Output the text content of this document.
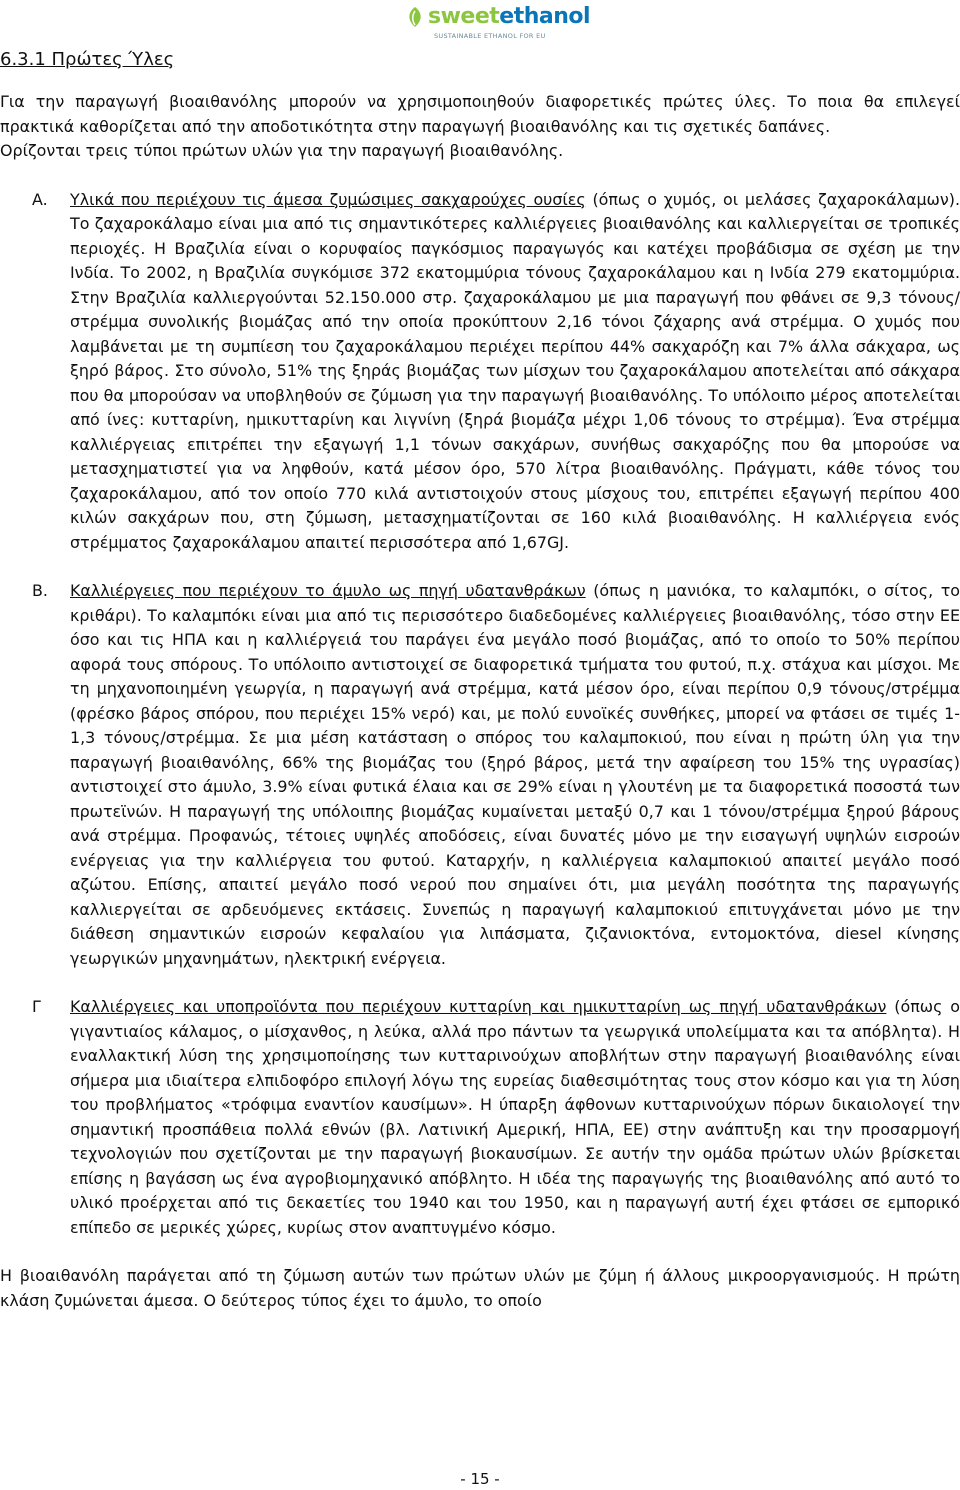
sweetethanol
SUSTAINABLE ETHANOL FOR EU
6.3.1 Πρώτες Ύλες

Για την παραγωγή βιοαιθανόλης μπορούν να χρησιμοποιηθούν διαφορετικές πρώτες ύλες. Το ποια θα επιλεγεί πρακτικά καθορίζεται από την αποδοτικότητα στην παραγωγή βιοαιθανόλης και τις σχετικές δαπάνες.

Ορίζονται τρεις τύποι πρώτων υλών για την παραγωγή βιοαιθανόλης.

A.	Υλικά που περιέχουν τις άμεσα ζυμώσιμες σακχαρούχες ουσίες (όπως ο χυμός, οι μελάσες ζαχαροκάλαμων). Το ζαχαροκάλαμο είναι μια από τις σημαντικότερες καλλιέργειες βιοαιθανόλης και καλλιεργείται σε τροπικές περιοχές. Η Βραζιλία είναι ο κορυφαίος παγκόσμιος παραγωγός και κατέχει προβάδισμα σε σχέση με την Ινδία. Το 2002, η Βραζιλία συγκόμισε 372 εκατομμύρια τόνους ζαχαροκάλαμου και η Ινδία 279 εκατομμύρια. Στην Βραζιλία καλλιεργούνται 52.150.000 στρ. ζαχαροκάλαμου με μια παραγωγή που φθάνει σε 9,3 τόνους/στρέμμα συνολικής βιομάζας από την οποία προκύπτουν 2,16 τόνοι ζάχαρης ανά στρέμμα. Ο χυμός που λαμβάνεται με τη συμπίεση του ζαχαροκάλαμου περιέχει περίπου 44% σακχαρόζη και 7% άλλα σάκχαρα, ως ξηρό βάρος. Στο σύνολο, 51% της ξηράς βιομάζας των μίσχων του ζαχαροκάλαμου αποτελείται από σάκχαρα που θα μπορούσαν να υποβληθούν σε ζύμωση για την παραγωγή βιοαιθανόλης. Το υπόλοιπο μέρος αποτελείται από ίνες: κυτταρίνη, ημικυτταρίνη και λιγνίνη (ξηρά βιομάζα μέχρι 1,06 τόνους το στρέμμα). Ένα στρέμμα καλλιέργειας επιτρέπει την εξαγωγή 1,1 τόνων σακχάρων, συνήθως σακχαρόζης που θα μπορούσε να μετασχηματιστεί για να ληφθούν, κατά μέσον όρο, 570 λίτρα βιοαιθανόλης. Πράγματι, κάθε τόνος του ζαχαροκάλαμου, από τον οποίο 770 κιλά αντιστοιχούν στους μίσχους του, επιτρέπει εξαγωγή περίπου 400 κιλών σακχάρων που, στη ζύμωση, μετασχηματίζονται σε 160 κιλά βιοαιθανόλης. Η καλλιέργεια ενός στρέμματος ζαχαροκάλαμου απαιτεί περισσότερα από 1,67GJ.
B.	Καλλιέργειες που περιέχουν το άμυλο ως πηγή υδατανθράκων (όπως η μανιόκα, το καλαμπόκι, ο σίτος, το κριθάρι). Το καλαμπόκι είναι μια από τις περισσότερο διαδεδομένες καλλιέργειες βιοαιθανόλης, τόσο στην ΕΕ όσο και τις ΗΠΑ και η καλλιέργειά του παράγει ένα μεγάλο ποσό βιομάζας, από το οποίο το 50% περίπου αφορά τους σπόρους. Το υπόλοιπο αντιστοιχεί σε διαφορετικά τμήματα του φυτού, π.χ. στάχυα και μίσχοι. Με τη μηχανοποιημένη γεωργία, η παραγωγή ανά στρέμμα, κατά μέσον όρο, είναι περίπου 0,9 τόνους/στρέμμα (φρέσκο βάρος σπόρου, που περιέχει 15% νερό) και, με πολύ ευνοϊκές συνθήκες, μπορεί να φτάσει σε τιμές 1-1,3 τόνους/στρέμμα. Σε μια μέση κατάσταση ο σπόρος του καλαμποκιού, που είναι η πρώτη ύλη για την παραγωγή βιοαιθανόλης, 66% της βιομάζας του (ξηρό βάρος, μετά την αφαίρεση του 15% της υγρασίας) αντιστοιχεί στο άμυλο, 3.9% είναι φυτικά έλαια και σε 29% είναι η γλουτένη με τα διαφορετικά ποσοστά των πρωτεϊνών. Η παραγωγή της υπόλοιπης βιομάζας κυμαίνεται μεταξύ 0,7 και 1 τόνου/στρέμμα ξηρού βάρους ανά στρέμμα. Προφανώς, τέτοιες υψηλές αποδόσεις, είναι δυνατές μόνο με την εισαγωγή υψηλών εισροών ενέργειας για την καλλιέργεια του φυτού. Καταρχήν, η καλλιέργεια καλαμποκιού απαιτεί μεγάλο ποσό αζώτου. Επίσης, απαιτεί μεγάλο ποσό νερού που σημαίνει ότι, μια μεγάλη ποσότητα της παραγωγής καλλιεργείται σε αρδευόμενες εκτάσεις. Συνεπώς η παραγωγή καλαμποκιού επιτυγχάνεται μόνο με την διάθεση σημαντικών εισροών κεφαλαίου για λιπάσματα, ζιζανιοκτόνα, εντομοκτόνα, diesel κίνησης γεωργικών μηχανημάτων, ηλεκτρική ενέργεια.
Γ	Καλλιέργειες και υποπροϊόντα που περιέχουν κυτταρίνη και ημικυτταρίνη ως πηγή υδατανθράκων (όπως ο γιγαντιαίος κάλαμος, ο μίσχανθος, η λεύκα, αλλά προ πάντων τα γεωργικά υπολείμματα και τα απόβλητα). Η εναλλακτική λύση της χρησιμοποίησης των κυτταρινούχων αποβλήτων στην παραγωγή βιοαιθανόλης είναι σήμερα μια ιδιαίτερα ελπιδοφόρο επιλογή λόγω της ευρείας διαθεσιμότητας τους στον κόσμο και για τη λύση του προβλήματος «τρόφιμα εναντίον καυσίμων». Η ύπαρξη άφθονων κυτταρινούχων πόρων δικαιολογεί την σημαντική προσπάθεια πολλά εθνών (βλ. Λατινική Αμερική, ΗΠΑ, ΕΕ) στην ανάπτυξη και την προσαρμογή τεχνολογιών που σχετίζονται με την παραγωγή βιοκαυσίμων. Σε αυτήν την ομάδα πρώτων υλών βρίσκεται επίσης η βαγάσση ως ένα αγροβιομηχανικό απόβλητο. Η ιδέα της παραγωγής της βιοαιθανόλης από αυτό το υλικό προέρχεται από τις δεκαετίες του 1940 και του 1950, και η παραγωγή αυτή έχει φτάσει σε εμπορικό επίπεδο σε μερικές χώρες, κυρίως στον αναπτυγμένο κόσμο.

Η βιοαιθανόλη παράγεται από τη ζύμωση αυτών των πρώτων υλών με ζύμη ή άλλους μικροοργανισμούς. Η πρώτη κλάση ζυμώνεται άμεσα. Ο δεύτερος τύπος έχει το άμυλο, το οποίο

- 15 -
